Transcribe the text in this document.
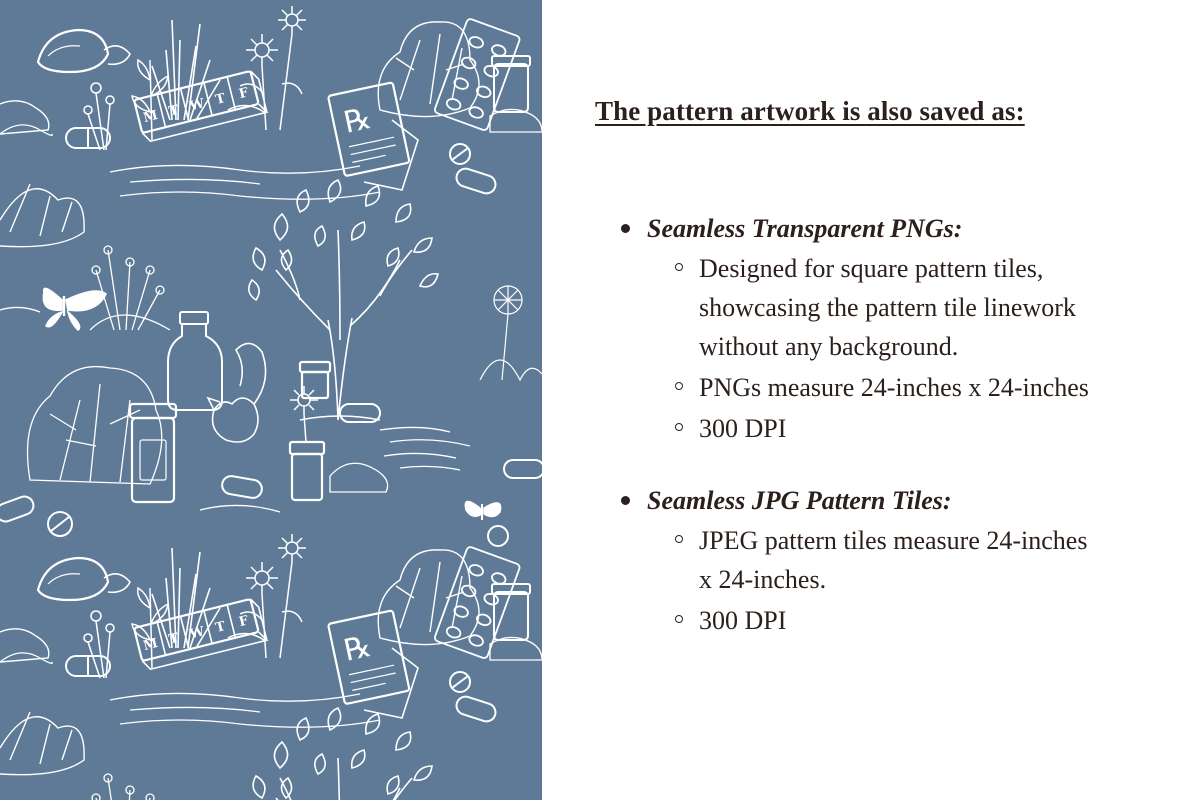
The pattern artwork is also saved as:
Seamless Transparent PNGs:
Designed for square pattern tiles,
showcasing the pattern tile linework
without any background.
PNGs measure 24-inches x 24-inches
300 DPI
Seamless JPG Pattern Tiles:
JPEG pattern tiles measure 24-inches
x 24-inches.
300 DPI
